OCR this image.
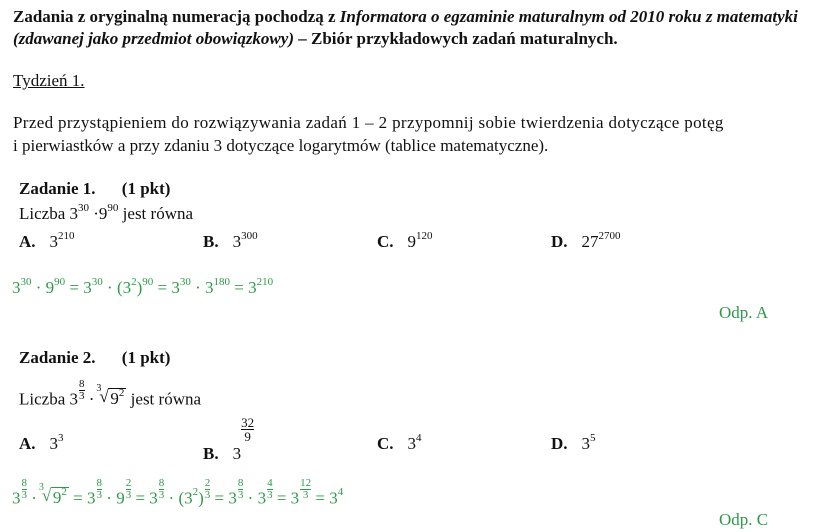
Zadania z oryginalną numeracją pochodzą z Informatora o egzaminie maturalnym od 2010 roku z matematyki (zdawanej jako przedmiot obowiązkowy) – Zbiór przykładowych zadań maturalnych.
Tydzień 1.
Przed przystąpieniem do rozwiązywania zadań 1 – 2 przypomnij sobie twierdzenia dotyczące potęg
i pierwiastków a przy zdaniu 3 dotyczące logarytmów (tablice matematyczne).
Zadanie 1. (1 pkt)
Liczba $3^{30} \cdot 9^{90}$ jest równa
A. $3^{210}$	B. $3^{300}$	C. $9^{120}$	D. $27^{2700}$
$3^{30} \cdot 9^{90} = 3^{30} \cdot (3^2)^{90} = 3^{30} \cdot 3^{180} = 3^{210}$
Odp. A
Zadanie 2. (1 pkt)
Liczba $3 \frac{8}{3}$ ·
3
√ $9^2$ jest równa
A. $3^3$
B. 3
$\frac{32}{9}$
C. $3^4$	D. $3^5$
$3 \frac{8}{3}$ ·
3
√ $9^2 = 3 \frac{8}{3} \cdot 9 \frac{2}{3} = 3 \frac{8}{3} \cdot (3^2) \frac{2}{3} = 3 \frac{8}{3} \cdot 3 \frac{4}{3} = 3 \frac{12}{3} = 3^4$
Odp. C
